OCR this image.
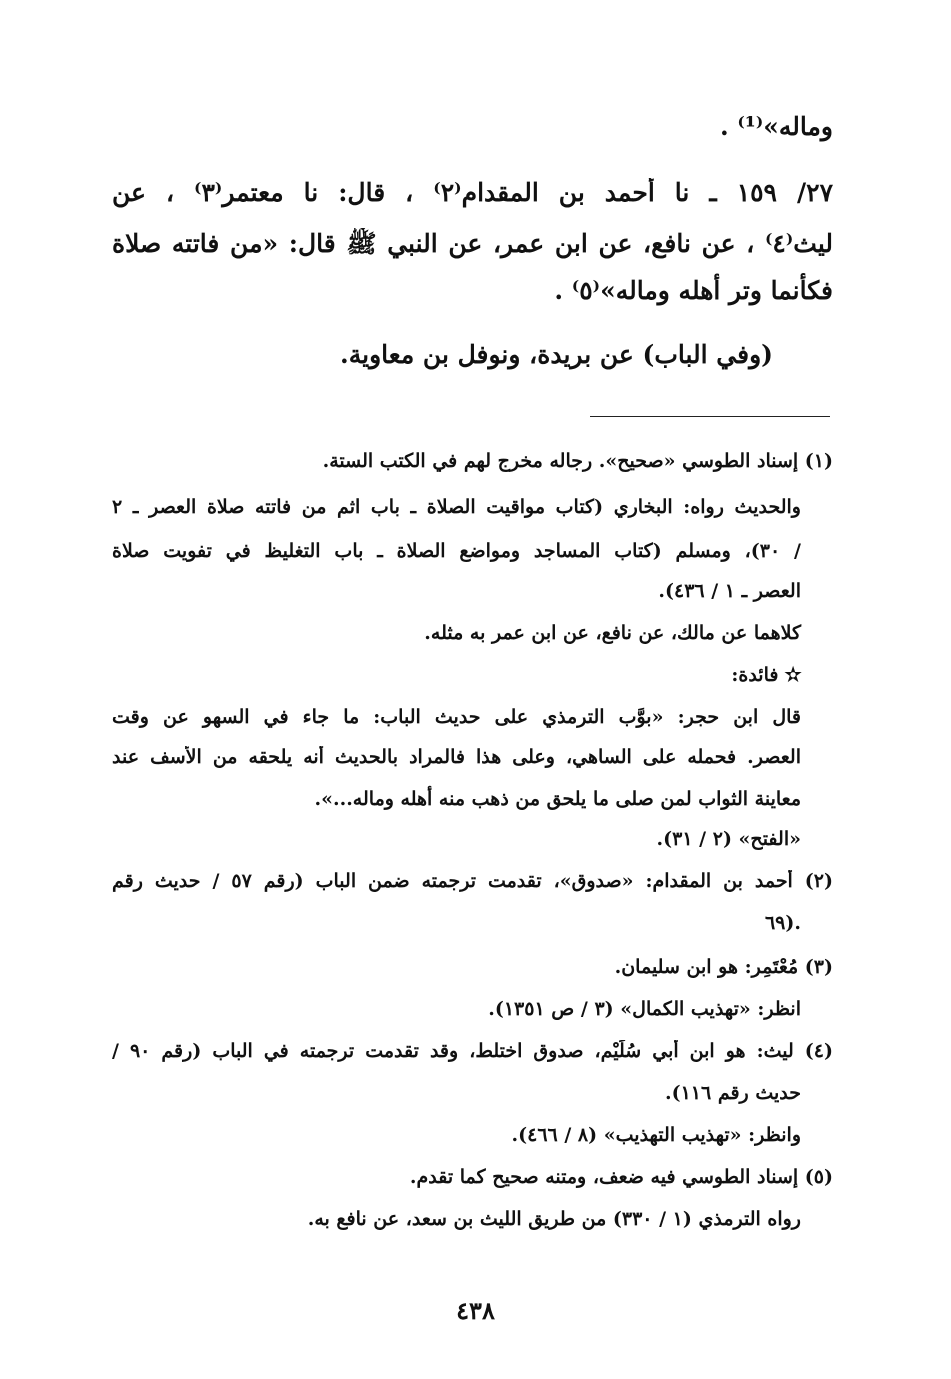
وماله»⁽¹⁾ .
٢٧/ ١٥٩ ـ نا أحمد بن المقدام⁽٢⁾ ، قال: نا معتمر⁽٣⁾ ، عن
ليث⁽٤⁾ ، عن نافع، عن ابن عمر، عن النبي ﷺ قال: «من فاتته صلاة
فكأنما وتر أهله وماله»⁽٥⁾ .
(وفي الباب) عن بريدة، ونوفل بن معاوية.
(١) إسناد الطوسي «صحيح». رجاله مخرج لهم في الكتب الستة.
والحديث رواه: البخاري (كتاب مواقيت الصلاة ـ باب اثم من فاتته صلاة العصر ـ ٢
/ ٣٠)، ومسلم (كتاب المساجد ومواضع الصلاة ـ باب التغليظ في تفويت صلاة
العصر ـ ١ / ٤٣٦).
كلاهما عن مالك، عن نافع، عن ابن عمر به مثله.
✫ فائدة:
قال ابن حجر: «بوَّب الترمذي على حديث الباب: ما جاء في السهو عن وقت
العصر. فحمله على الساهي، وعلى هذا فالمراد بالحديث أنه يلحقه من الأسف عند
معاينة الثواب لمن صلى ما يلحق من ذهب منه أهله وماله...».
«الفتح» (٢ / ٣١).
(٢) أحمد بن المقدام: «صدوق»، تقدمت ترجمته ضمن الباب (رقم ٥٧ / حديث رقم
٦٩).
(٣) مُعْتَمِر: هو ابن سليمان.
انظر: «تهذيب الكمال» (٣ / ص ١٣٥١).
(٤) ليث: هو ابن أبي سُلَيْم، صدوق اختلط، وقد تقدمت ترجمته في الباب (رقم ٩٠ /
حديث رقم ١١٦).
وانظر: «تهذيب التهذيب» (٨ / ٤٦٦).
(٥) إسناد الطوسي فيه ضعف، ومتنه صحيح كما تقدم.
رواه الترمذي (١ / ٣٣٠) من طريق الليث بن سعد، عن نافع به.
٤٣٨
